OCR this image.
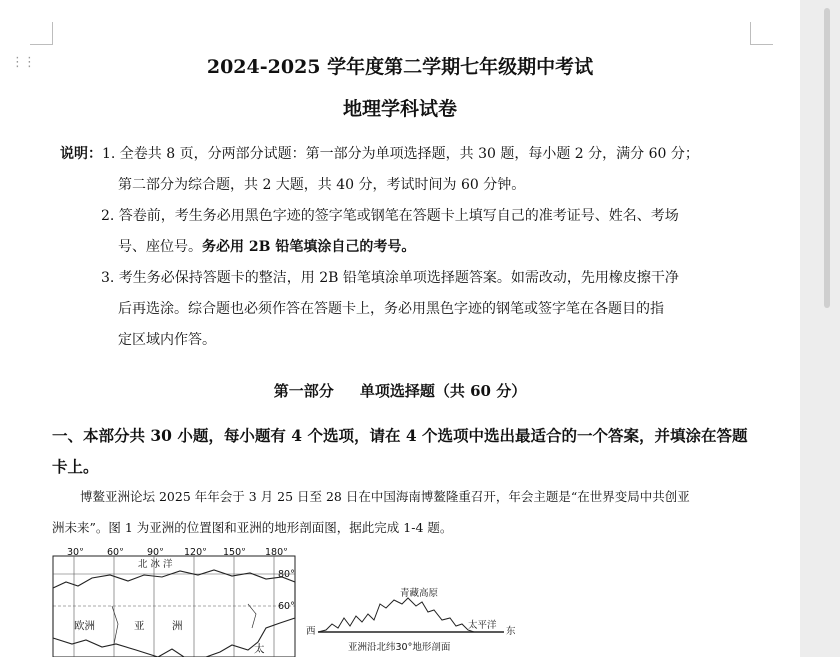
⋮⋮	2024-2025 学年度第二学期七年级期中考试
地理学科试卷
说明：1. 全卷共 8 页，分两部分试题：第一部分为单项选择题，共 30 题，每小题 2 分，满分 60 分；
第二部分为综合题，共 2 大题，共 40 分，考试时间为 60 分钟。
2. 答卷前，考生务必用黑色字迹的签字笔或钢笔在答题卡上填写自己的准考证号、姓名、考场
号、座位号。务必用 2B 铅笔填涂自己的考号。
3. 考生务必保持答题卡的整洁，用 2B 铅笔填涂单项选择题答案。如需改动，先用橡皮擦干净
后再选涂。综合题也必须作答在答题卡上，务必用黑色字迹的钢笔或签字笔在各题目的指
定区域内作答。
第一部分     单项选择题（共 60 分）
一、本部分共 30 小题，每小题有 4 个选项，请在 4 个选项中选出最适合的一个答案，并填涂在答题
卡上。
博鳌亚洲论坛 2025 年年会于 3 月 25 日至 28 日在中国海南博鳌隆重召开，年会主题是“在世界变局中共创亚
洲未来”。图 1 为亚洲的位置图和亚洲的地形剖面图，据此完成 1-4 题。
30° 60° 90° 120° 150° 180°
80°
60°
北 冰 洋
欧洲	亚	洲
太
西	东
青藏高原
太平洋
亚洲沿北纬30°地形剖面
